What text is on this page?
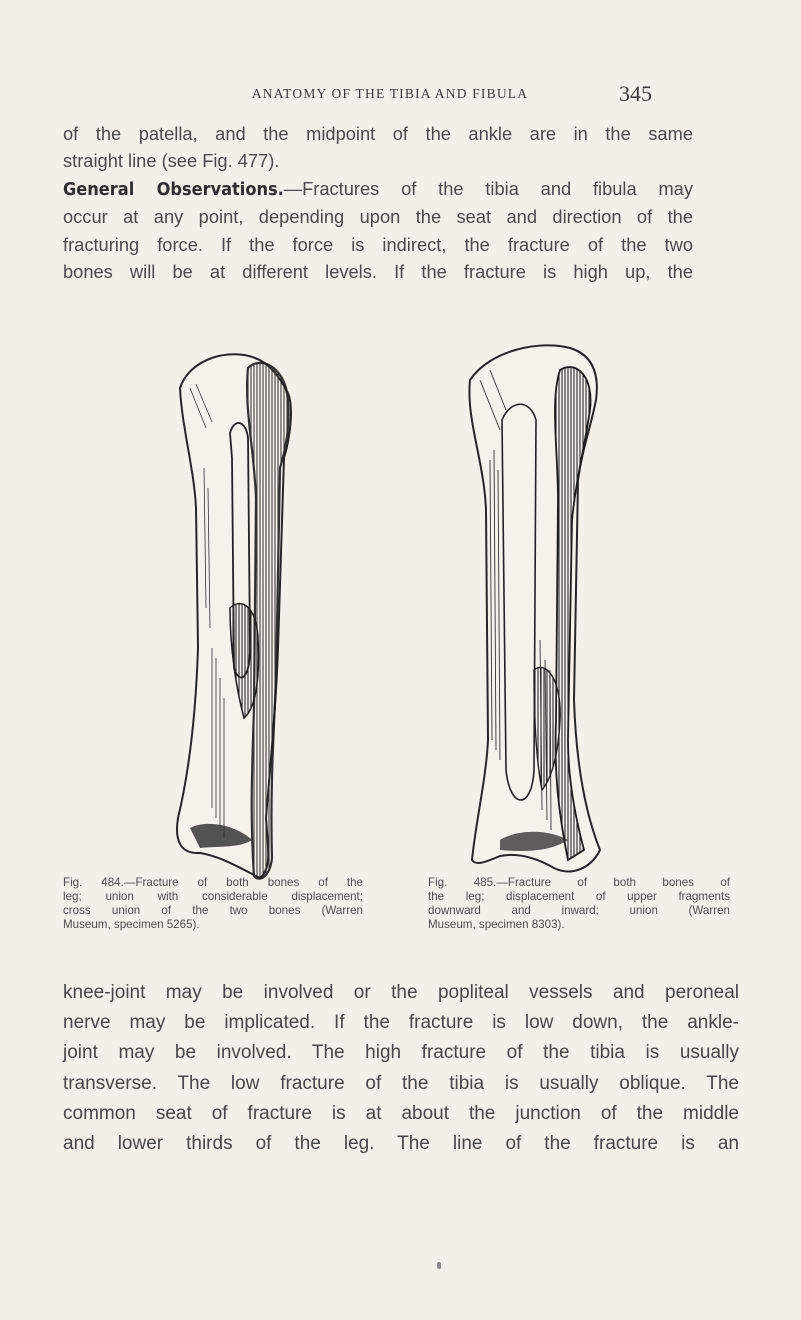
ANATOMY OF THE TIBIA AND FIBULA	345
of the patella, and the midpoint of the ankle are in the same
straight line (see Fig. 477).
General Observations.—Fractures of the tibia and fibula may
occur at any point, depending upon the seat and direction of the
fracturing force. If the force is indirect, the fracture of the two
bones will be at different levels. If the fracture is high up, the
Fig. 484.—Fracture of both bones of the
leg; union with considerable displacement;
cross union of the two bones (Warren
Museum, specimen 5265).
Fig. 485.—Fracture of both bones of
the leg; displacement of upper fragments
downward and inward; union (Warren
Museum, specimen 8303).
knee-joint may be involved or the popliteal vessels and peroneal
nerve may be implicated. If the fracture is low down, the ankle-
joint may be involved. The high fracture of the tibia is usually
transverse. The low fracture of the tibia is usually oblique. The
common seat of fracture is at about the junction of the middle
and lower thirds of the leg. The line of the fracture is an
